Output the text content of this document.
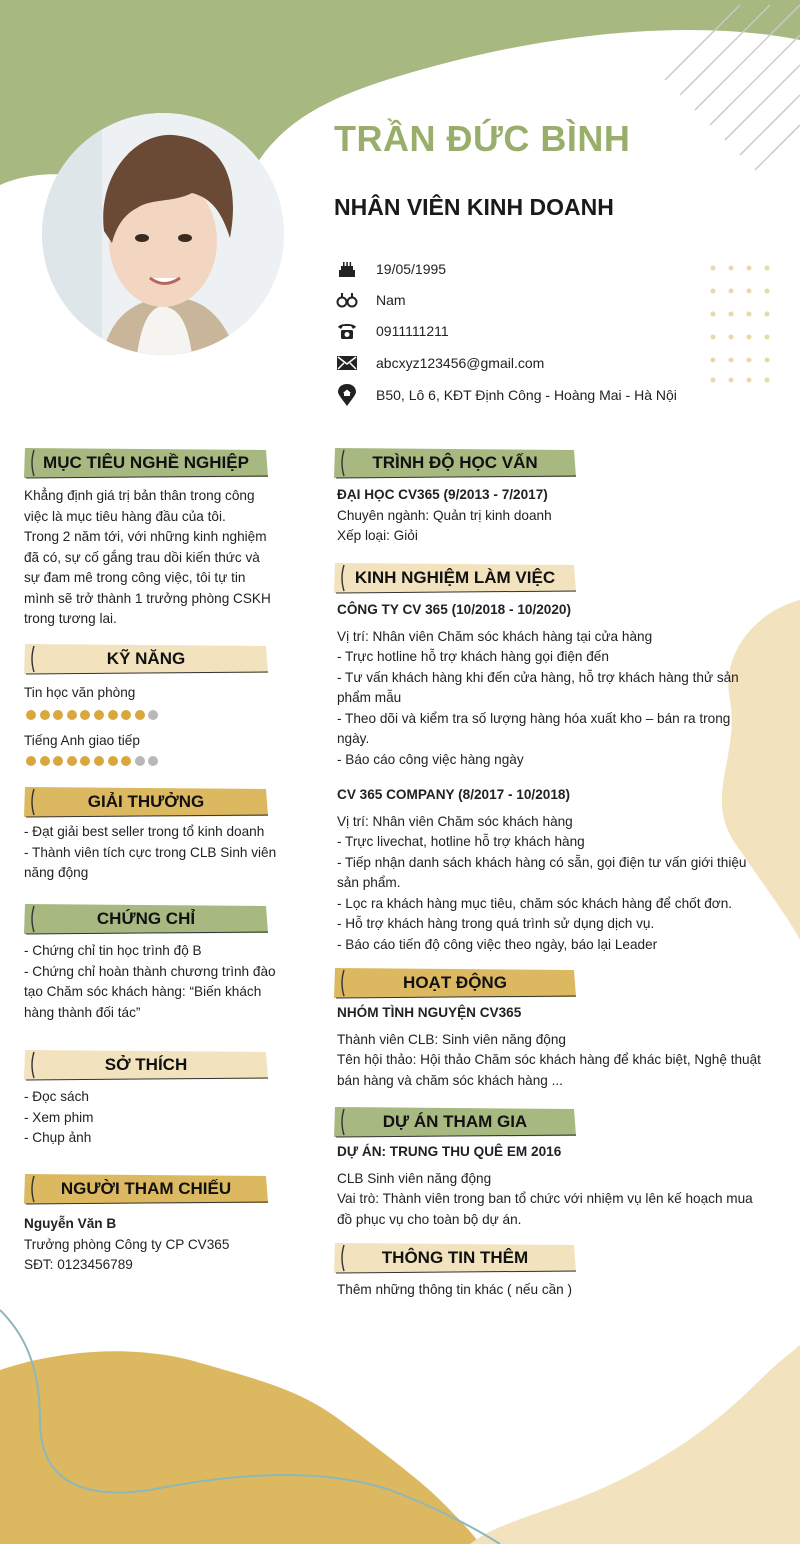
TRẦN ĐỨC BÌNH
NHÂN VIÊN KINH DOANH
19/05/1995
Nam
0911111211
abcxyz123456@gmail.com
B50, Lô 6, KĐT Định Công - Hoàng Mai - Hà Nội
MỤC TIÊU NGHỀ NGHIỆP

Khẳng định giá trị bản thân trong công

việc là mục tiêu hàng đầu của tôi.

Trong 2 năm tới, với những kinh nghiệm

đã có, sự cố gắng trau dồi kiến thức và

sự đam mê trong công việc, tôi tự tin

mình sẽ trở thành 1 trưởng phòng CSKH

trong tương lai.

KỸ NĂNG
Tin học văn phòng
Tiếng Anh giao tiếp
GIẢI THƯỞNG

- Đạt giải best seller trong tổ kinh doanh

- Thành viên tích cực trong CLB Sinh viên

năng động

CHỨNG CHỈ

- Chứng chỉ tin học trình độ B

- Chứng chỉ hoàn thành chương trình đào

tạo Chăm sóc khách hàng: “Biến khách

hàng thành đối tác”

SỞ THÍCH

- Đọc sách

- Xem phim

- Chụp ảnh

NGƯỜI THAM CHIẾU

Nguyễn Văn B

Trưởng phòng Công ty CP CV365

SĐT: 0123456789

TRÌNH ĐỘ HỌC VẤN

ĐẠI HỌC CV365 (9/2013 - 7/2017)

Chuyên ngành: Quản trị kinh doanh

Xếp loại: Giỏi

KINH NGHIỆM LÀM VIỆC

CÔNG TY CV 365 (10/2018 - 10/2020)

Vị trí: Nhân viên Chăm sóc khách hàng tại cửa hàng

- Trực hotline hỗ trợ khách hàng gọi điện đến

- Tư vấn khách hàng khi đến cửa hàng, hỗ trợ khách hàng thử sản

phẩm mẫu

- Theo dõi và kiểm tra số lượng hàng hóa xuất kho – bán ra trong

ngày.

- Báo cáo công việc hàng ngày

CV 365 COMPANY (8/2017 - 10/2018)

Vị trí: Nhân viên Chăm sóc khách hàng

- Trực livechat, hotline hỗ trợ khách hàng

- Tiếp nhận danh sách khách hàng có sẵn, gọi điện tư vấn giới thiệu

sản phẩm.

- Lọc ra khách hàng mục tiêu, chăm sóc khách hàng để chốt đơn.

- Hỗ trợ khách hàng trong quá trình sử dụng dịch vụ.

- Báo cáo tiến độ công việc theo ngày, báo lại Leader

HOẠT ĐỘNG

NHÓM TÌNH NGUYỆN CV365

Thành viên CLB: Sinh viên năng động

Tên hội thảo: Hội thảo Chăm sóc khách hàng để khác biệt, Nghệ thuật

bán hàng và chăm sóc khách hàng ...

DỰ ÁN THAM GIA

DỰ ÁN: TRUNG THU QUÊ EM 2016

CLB Sinh viên năng động

Vai trò: Thành viên trong ban tổ chức với nhiệm vụ lên kế hoạch mua

đồ phục vụ cho toàn bộ dự án.

THÔNG TIN THÊM

Thêm những thông tin khác ( nếu cần )
